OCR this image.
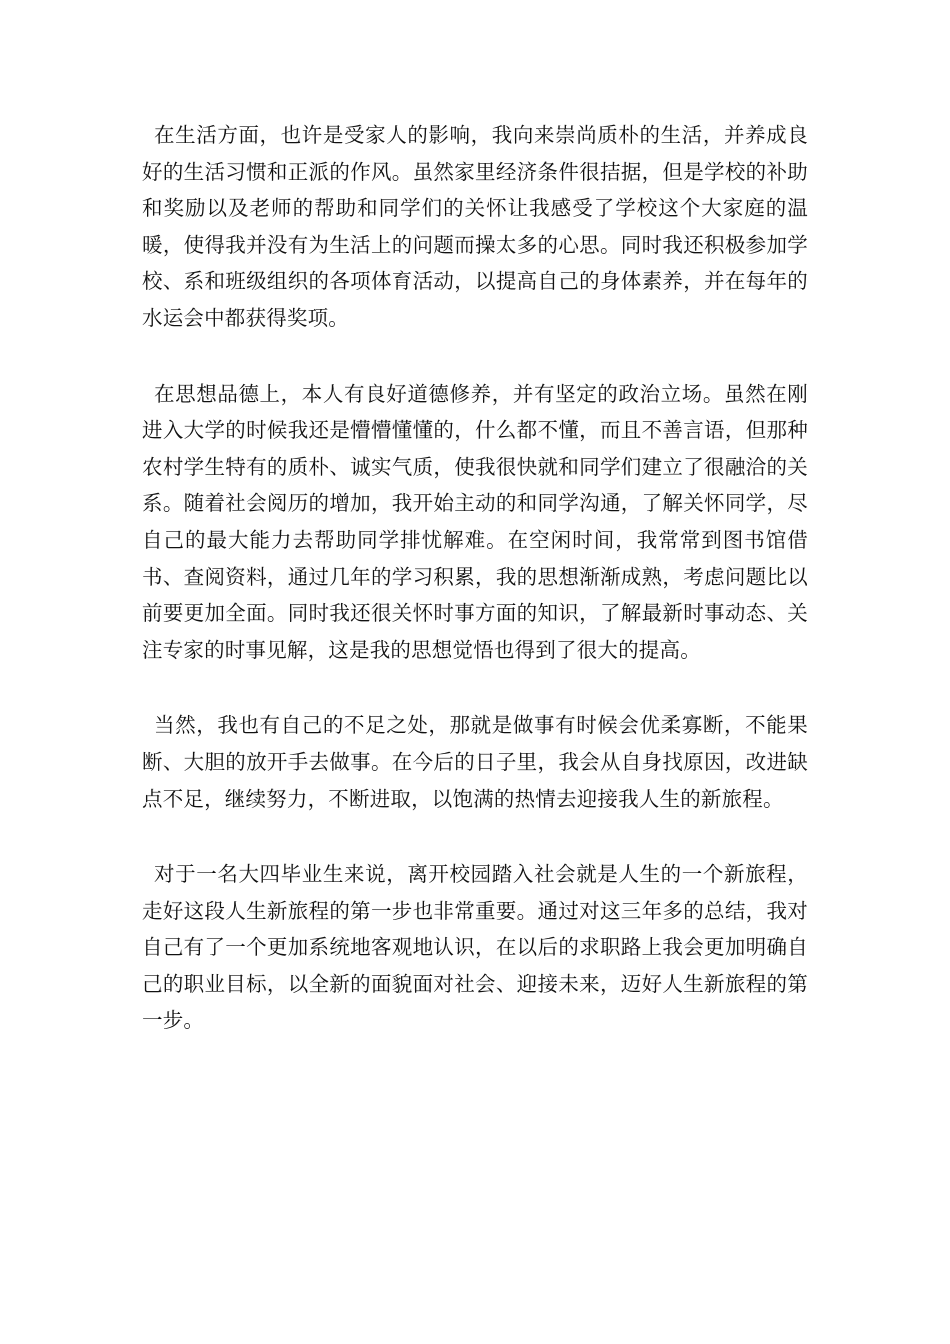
在生活方面，也许是受家人的影响，我向来崇尚质朴的生活，并养成良好的生活习惯和正派的作风。虽然家里经济条件很拮据，但是学校的补助和奖励以及老师的帮助和同学们的关怀让我感受了学校这个大家庭的温暖，使得我并没有为生活上的问题而操太多的心思。同时我还积极参加学校、系和班级组织的各项体育活动，以提高自己的身体素养，并在每年的水运会中都获得奖项。

在思想品德上，本人有良好道德修养，并有坚定的政治立场。虽然在刚进入大学的时候我还是懵懵懂懂的，什么都不懂，而且不善言语，但那种农村学生特有的质朴、诚实气质，使我很快就和同学们建立了很融洽的关系。随着社会阅历的增加，我开始主动的和同学沟通，了解关怀同学，尽自己的最大能力去帮助同学排忧解难。在空闲时间，我常常到图书馆借书、查阅资料，通过几年的学习积累，我的思想渐渐成熟，考虑问题比以前要更加全面。同时我还很关怀时事方面的知识，了解最新时事动态、关注专家的时事见解，这是我的思想觉悟也得到了很大的提高。

当然，我也有自己的不足之处，那就是做事有时候会优柔寡断，不能果断、大胆的放开手去做事。在今后的日子里，我会从自身找原因，改进缺点不足，继续努力，不断进取，以饱满的热情去迎接我人生的新旅程。

对于一名大四毕业生来说，离开校园踏入社会就是人生的一个新旅程，走好这段人生新旅程的第一步也非常重要。通过对这三年多的总结，我对自己有了一个更加系统地客观地认识，在以后的求职路上我会更加明确自己的职业目标，以全新的面貌面对社会、迎接未来，迈好人生新旅程的第一步。
